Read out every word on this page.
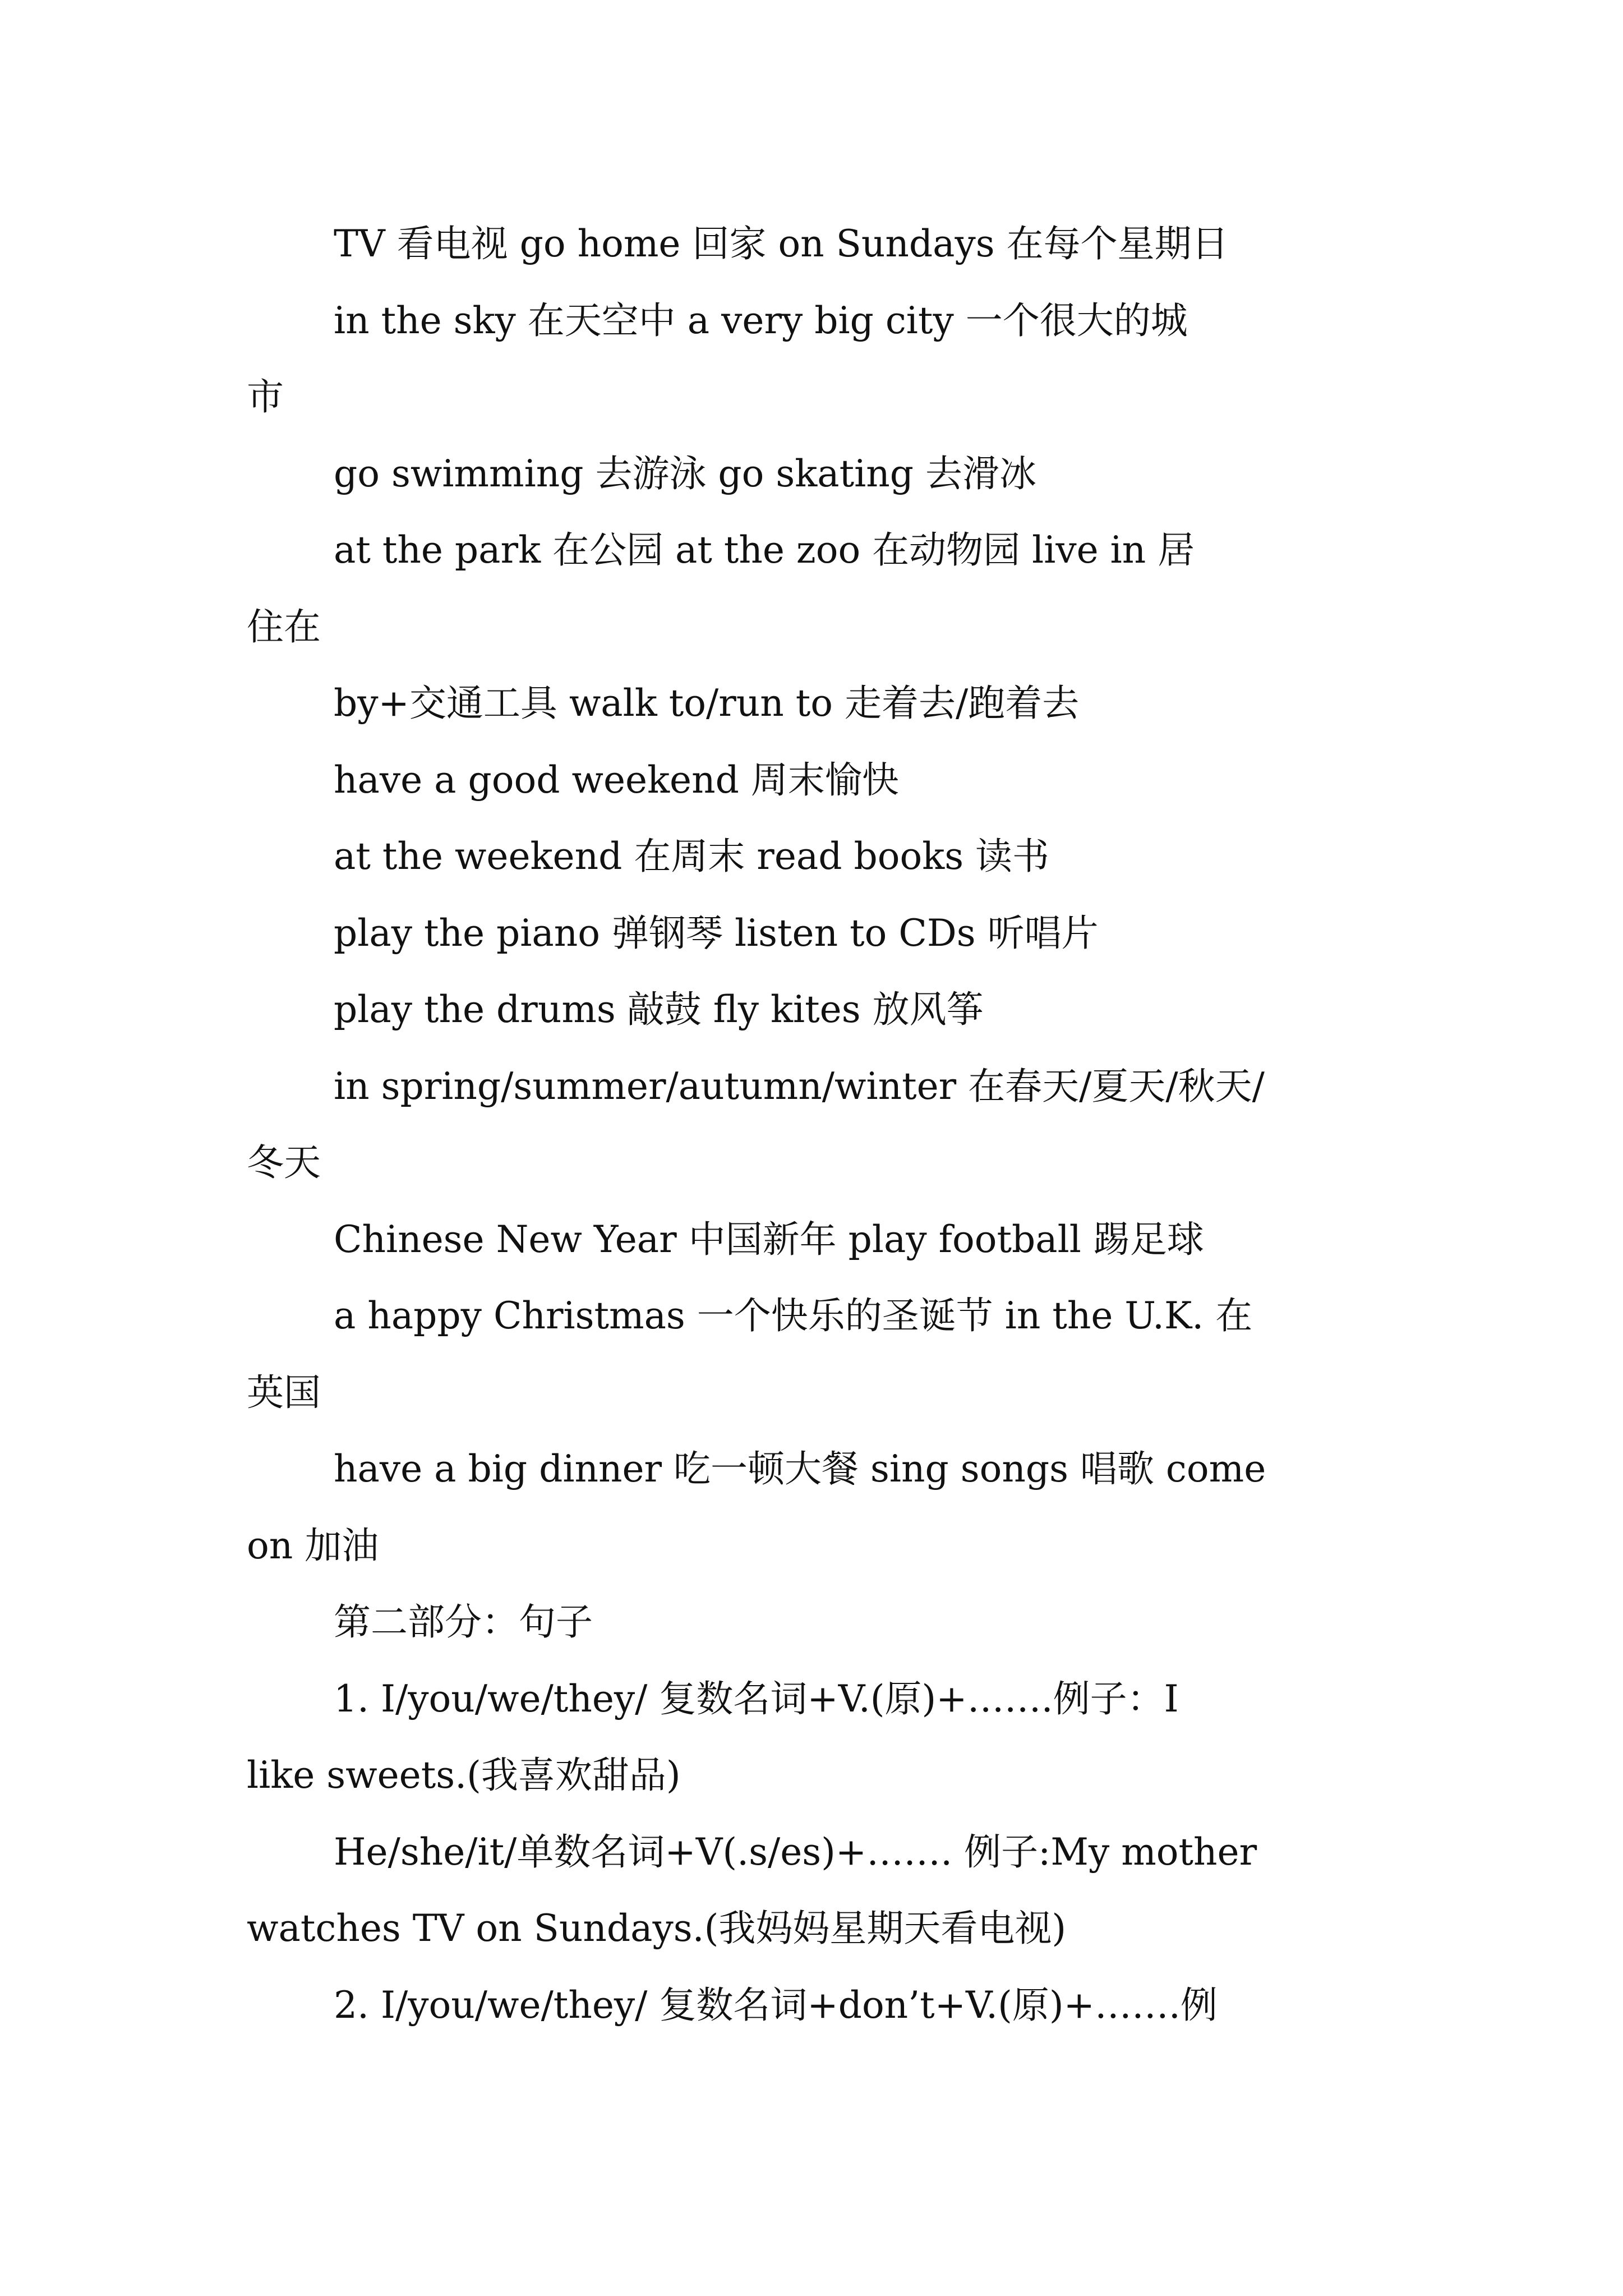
TV 看电视 go home 回家 on Sundays 在每个星期日

in the sky 在天空中 a very big city 一个很大的城

市

go swimming 去游泳 go skating 去滑冰

at the park 在公园 at the zoo 在动物园 live in 居

住在

by+交通工具 walk to/run to 走着去/跑着去

have a good weekend 周末愉快

at the weekend 在周末 read books 读书

play the piano 弹钢琴 listen to CDs 听唱片

play the drums 敲鼓 fly kites 放风筝

in spring/summer/autumn/winter 在春天/夏天/秋天/

冬天

Chinese New Year 中国新年 play football 踢足球

a happy Christmas 一个快乐的圣诞节 in the U.K. 在

英国

have a big dinner 吃一顿大餐 sing songs 唱歌 come

on 加油

第二部分：句子

1. I/you/we/they/ 复数名词+V.(原)+…….例子：I

like sweets.(我喜欢甜品)

He/she/it/单数名词+V(.s/es)+……. 例子:My mother

watches TV on Sundays.(我妈妈星期天看电视)

2. I/you/we/they/ 复数名词+don’t+V.(原)+…….例
